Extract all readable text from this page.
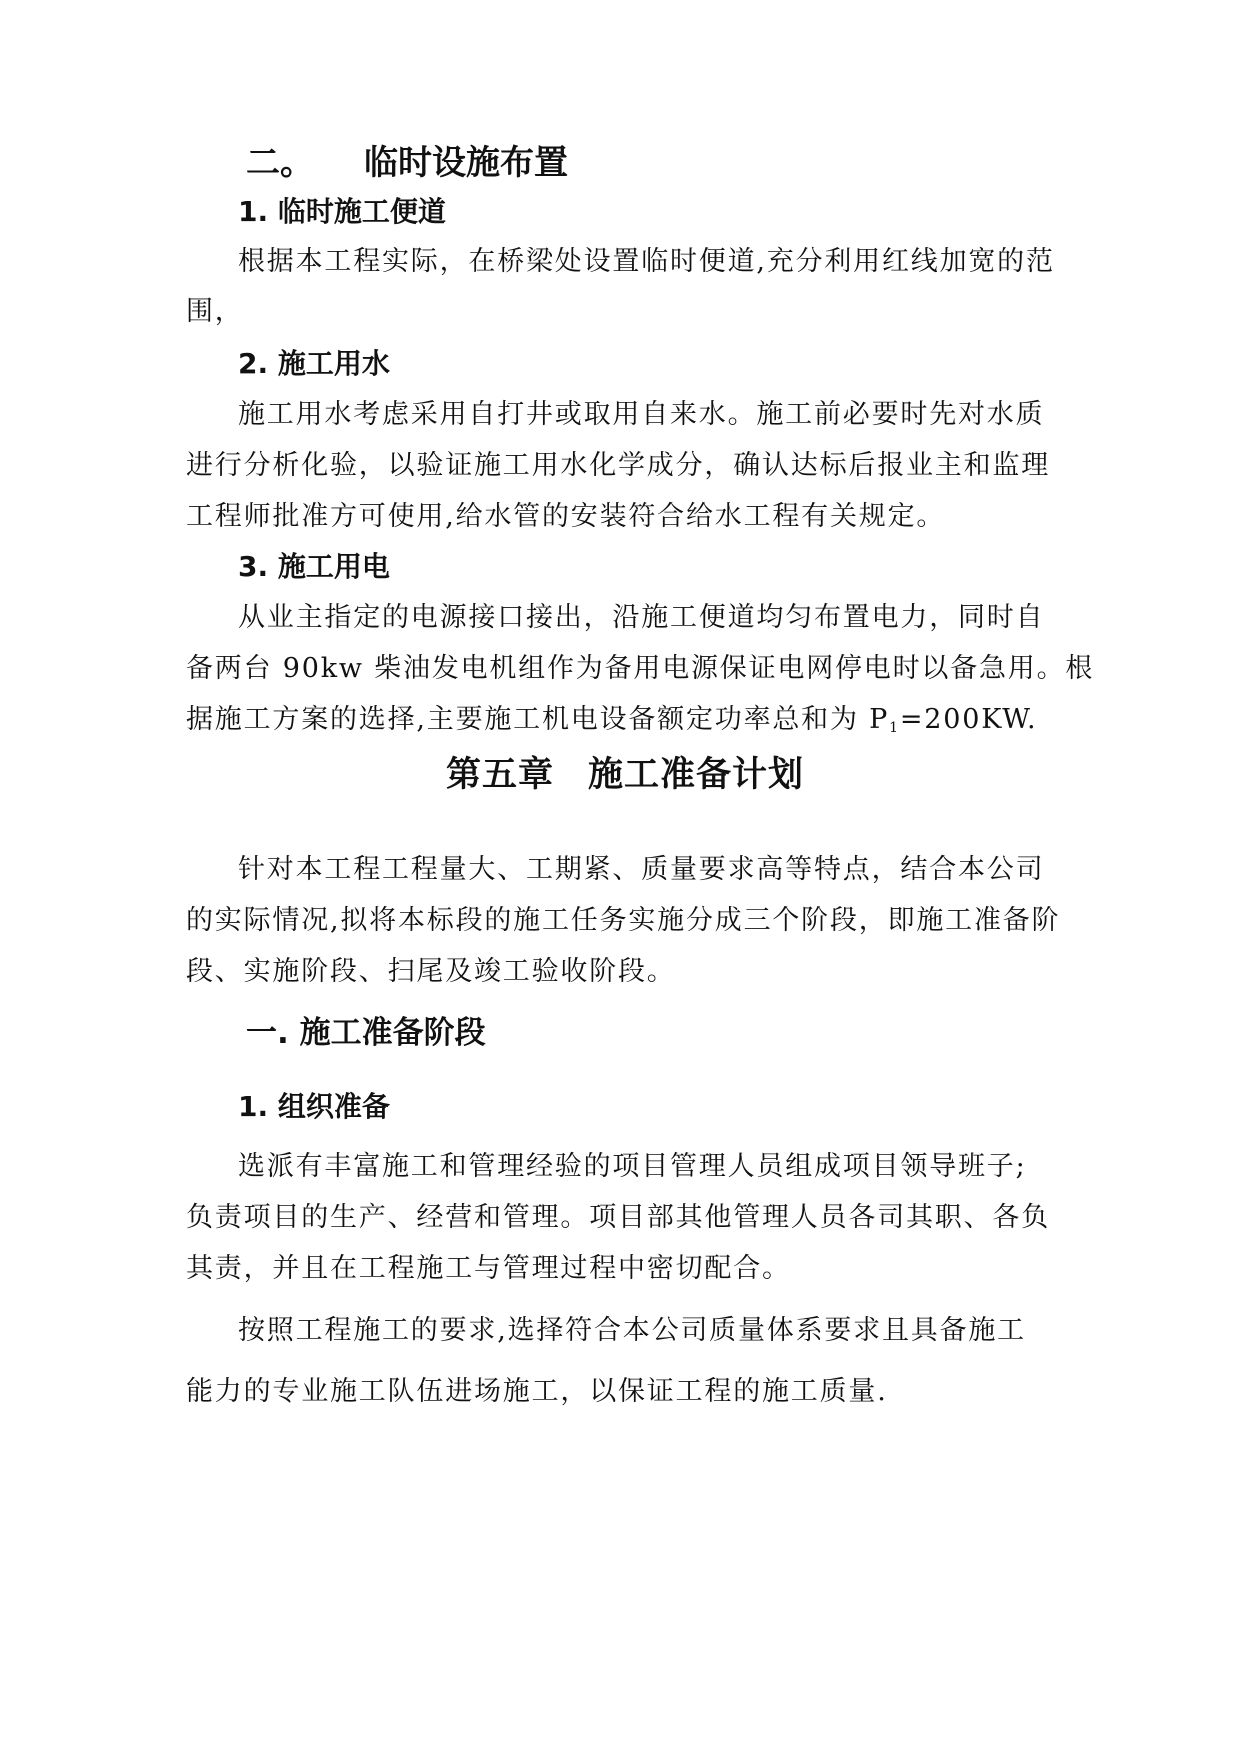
二。 临时设施布置
1. 临时施工便道
根据本工程实际，在桥梁处设置临时便道,充分利用红线加宽的范
围，
2. 施工用水
施工用水考虑采用自打井或取用自来水。施工前必要时先对水质
进行分析化验，以验证施工用水化学成分，确认达标后报业主和监理
工程师批准方可使用,给水管的安装符合给水工程有关规定。
3. 施工用电
从业主指定的电源接口接出，沿施工便道均匀布置电力，同时自
备两台 90kw 柴油发电机组作为备用电源保证电网停电时以备急用。根
据施工方案的选择,主要施工机电设备额定功率总和为 $P_1=200KW$.
第五章 施工准备计划
针对本工程工程量大、工期紧、质量要求高等特点，结合本公司
的实际情况,拟将本标段的施工任务实施分成三个阶段，即施工准备阶
段、实施阶段、扫尾及竣工验收阶段。
一. 施工准备阶段
1. 组织准备
选派有丰富施工和管理经验的项目管理人员组成项目领导班子;
负责项目的生产、经营和管理。项目部其他管理人员各司其职、各负
其责，并且在工程施工与管理过程中密切配合。
按照工程施工的要求,选择符合本公司质量体系要求且具备施工
能力的专业施工队伍进场施工，以保证工程的施工质量.
